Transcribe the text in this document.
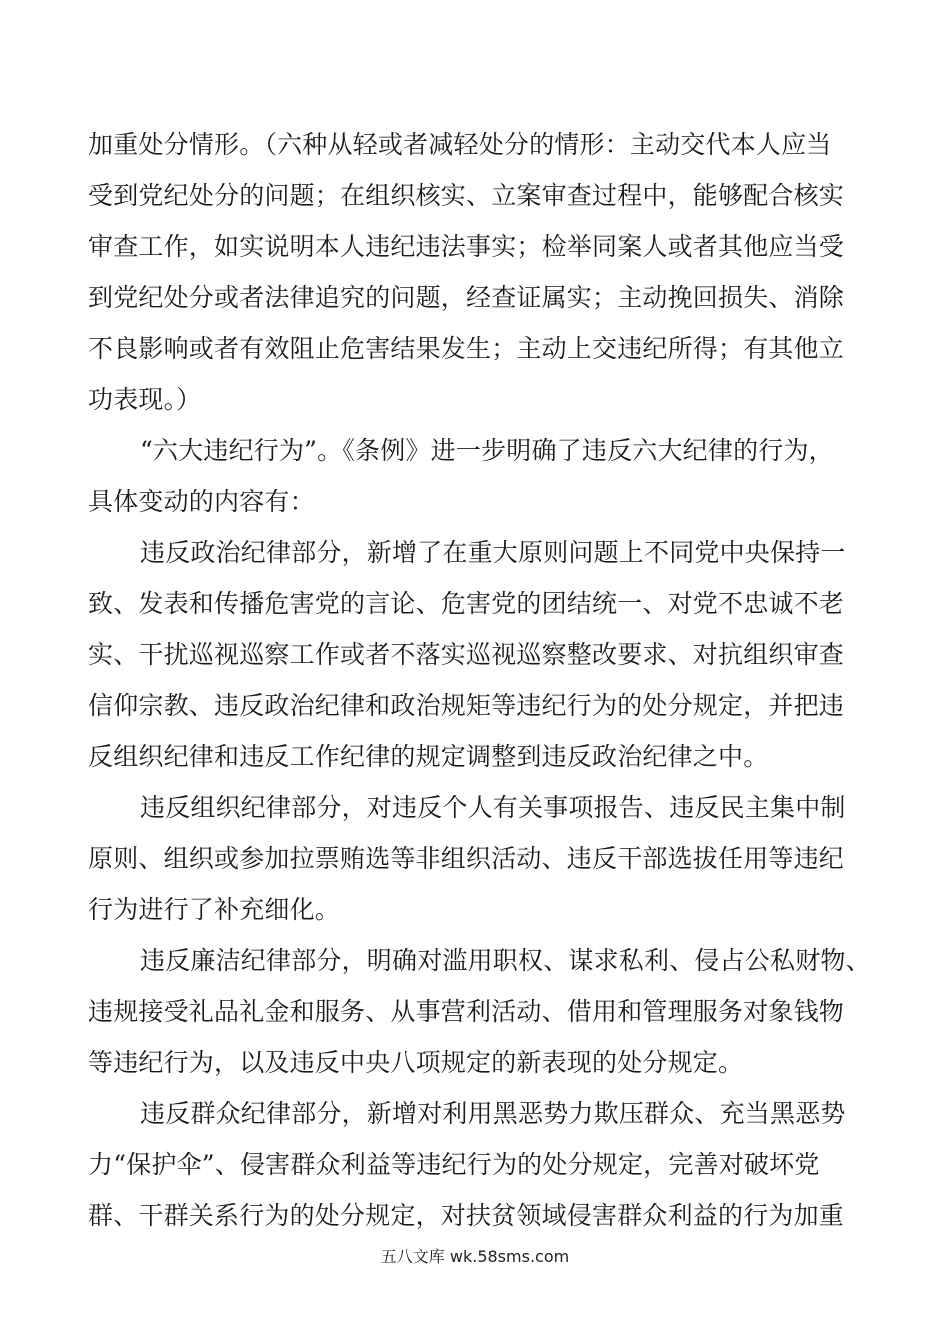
加重处分情形。（六种从轻或者减轻处分的情形：主动交代本人应当
受到党纪处分的问题；在组织核实、立案审查过程中，能够配合核实
审查工作，如实说明本人违纪违法事实；检举同案人或者其他应当受
到党纪处分或者法律追究的问题，经查证属实；主动挽回损失、消除
不良影响或者有效阻止危害结果发生；主动上交违纪所得；有其他立
功表现。）
“六大违纪行为”。《条例》进一步明确了违反六大纪律的行为，
具体变动的内容有：
违反政治纪律部分，新增了在重大原则问题上不同党中央保持一
致、发表和传播危害党的言论、危害党的团结统一、对党不忠诚不老
实、干扰巡视巡察工作或者不落实巡视巡察整改要求、对抗组织审查
信仰宗教、违反政治纪律和政治规矩等违纪行为的处分规定，并把违
反组织纪律和违反工作纪律的规定调整到违反政治纪律之中。
违反组织纪律部分，对违反个人有关事项报告、违反民主集中制
原则、组织或参加拉票贿选等非组织活动、违反干部选拔任用等违纪
行为进行了补充细化。
违反廉洁纪律部分，明确对滥用职权、谋求私利、侵占公私财物、
违规接受礼品礼金和服务、从事营利活动、借用和管理服务对象钱物
等违纪行为，以及违反中央八项规定的新表现的处分规定。
违反群众纪律部分，新增对利用黑恶势力欺压群众、充当黑恶势
力“保护伞”、侵害群众利益等违纪行为的处分规定，完善对破坏党
群、干群关系行为的处分规定，对扶贫领域侵害群众利益的行为加重
五八文库 wk.58sms.com
